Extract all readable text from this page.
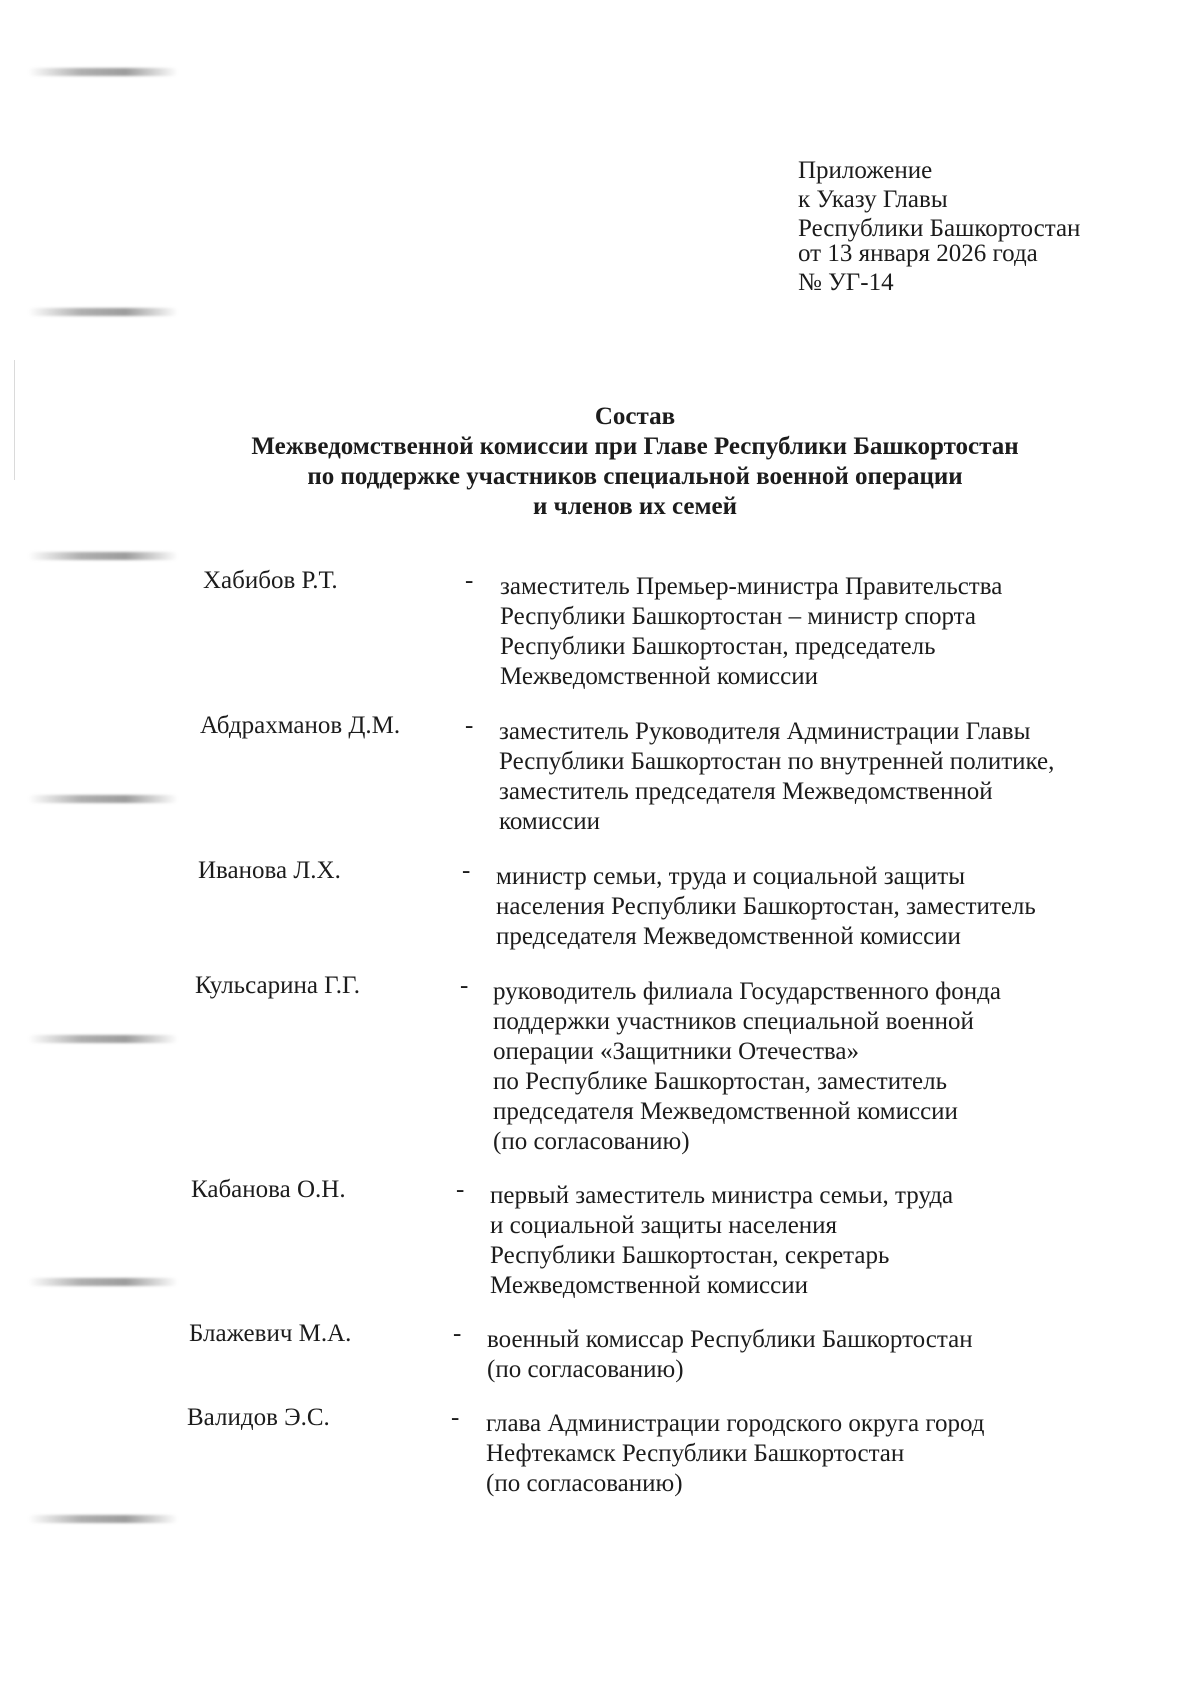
Приложение
к Указу Главы
Республики Башкортостан
от 13 января 2026 года
№ УГ-14
Состав
Межведомственной комиссии при Главе Республики Башкортостан
по поддержке участников специальной военной операции
и членов их семей
Хабибов Р.Т.	- заместитель Премьер-министра Правительства
Республики Башкортостан – министр спорта
Республики Башкортостан, председатель
Межведомственной комиссии
Абдрахманов Д.М.	- заместитель Руководителя Администрации Главы
Республики Башкортостан по внутренней политике,
заместитель председателя Межведомственной
комиссии
Иванова Л.Х.	- министр семьи, труда и социальной защиты
населения Республики Башкортостан, заместитель
председателя Межведомственной комиссии
Кульсарина Г.Г.	- руководитель филиала Государственного фонда
поддержки участников специальной военной
операции «Защитники Отечества»
по Республике Башкортостан, заместитель
председателя Межведомственной комиссии
(по согласованию)
Кабанова О.Н.	- первый заместитель министра семьи, труда
и социальной защиты населения
Республики Башкортостан, секретарь
Межведомственной комиссии
Блажевич М.А.	- военный комиссар Республики Башкортостан
(по согласованию)
Валидов Э.С.	- глава Администрации городского округа город
Нефтекамск Республики Башкортостан
(по согласованию)
